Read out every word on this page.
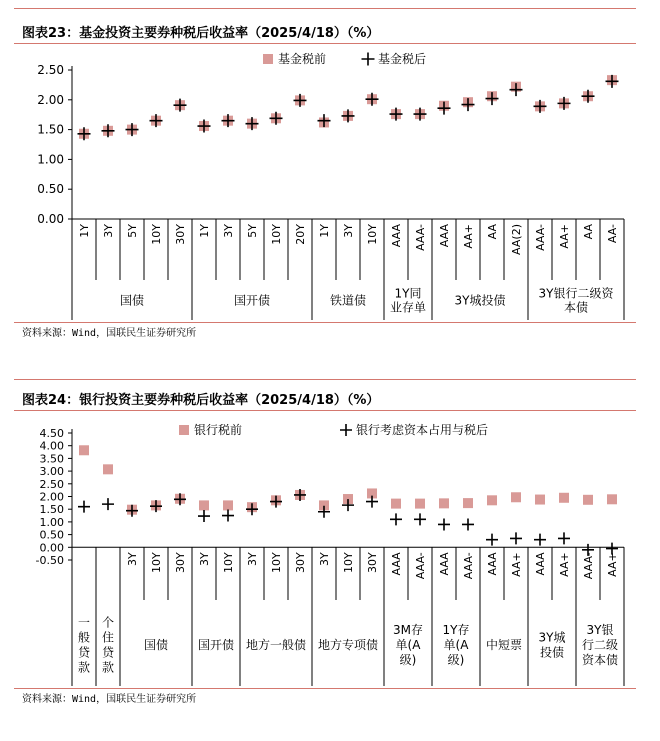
图表23：基金投资主要券种税后收益率（2025/4/18）（%）
0.00
0.50
1.00
1.50
2.00
2.50
1Y 3Y 5Y 10Y 30Y 1Y 3Y 5Y 10Y 20Y 1Y 3Y 10Y AAA AAA- AAA AA+ AA AA(2) AAA- AA+ AA AA-
国债	国开债	铁道债	1Y同业存单 3Y城投债	3Y银行二级资本债
基金税前	基金税后
资料来源：Wind，国联民生证券研究所
图表24：银行投资主要券种税后收益率（2025/4/18）（%）
-0.50
0.00
0.50
1.00
1.50
2.00
2.50
3.00
3.50
4.00
4.50
3Y 10Y 30Y 3Y 10Y 3Y 10Y 30Y 3Y 10Y 30Y AAA AAA- AAA AAA- AAA AA+ AAA AA+ AAA- AA+
一般贷款
个住贷款
国债 国开债 地方一般债 地方专项债
3M存单(A 级)
1Y存单(A 级)
中短票
3Y城投债
3Y银行二级资本债
银行税前	银行考虑资本占用与税后
资料来源：Wind，国联民生证券研究所
